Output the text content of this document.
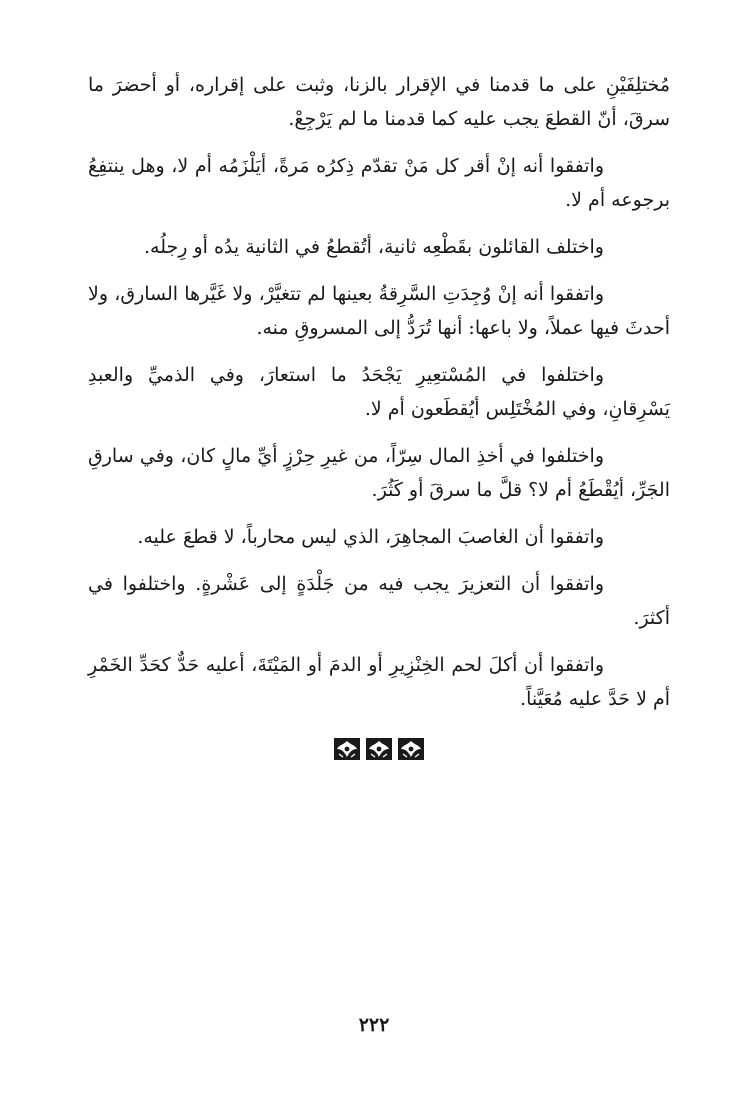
مُختلِفَيْنِ على ما قدمنا في الإقرار بالزنا، وثبت على إقراره، أو أحضرَ ما سرقَ، أنّ القطعَ يجب عليه كما قدمنا ما لم يَرْجِعْ.

واتفقوا أنه إنْ أقر كل مَنْ تقدّم ذِكرُه مَرةً، أيَلْزَمُه أم لا، وهل ينتفِعُ برجوعه أم لا.

واختلف القائلون بقَطْعِه ثانية، أتُقطعُ في الثانية يدُه أو رِجلُه.

واتفقوا أنه إنْ وُجِدَتِ السَّرِقةُ بعينها لم تتغيَّرْ، ولا غَيَّرها السارق، ولا أحدثَ فيها عملاً، ولا باعها: أنها تُرَدُّ إلى المسروقِ منه.

واختلفوا في المُسْتعِيرِ يَجْحَدُ ما استعارَ، وفي الذميِّ والعبدِ يَسْرِقانِ، وفي المُخْتَلِس أيُقطَعون أم لا.

واختلفوا في أخذِ المال سِرّاً، من غيرِ حِرْزٍ أيِّ مالٍ كان، وفي سارقِ الجَرِّ، أيُقْطَعُ أم لا؟ قلَّ ما سرقَ أو كَثُرَ.

واتفقوا أن الغاصبَ المجاهِرَ، الذي ليس محارباً، لا قطعَ عليه.

واتفقوا أن التعزيرَ يجب فيه من جَلْدَةٍ إلى عَشْرةٍ. واختلفوا في أكثرَ.

واتفقوا أن أكلَ لحم الخِنْزِيرِ أو الدمَ أو المَيْتَةَ، أعليه حَدٌّ كحَدِّ الخَمْرِ أم لا حَدَّ عليه مُعَيَّناً.

٢٢٢
